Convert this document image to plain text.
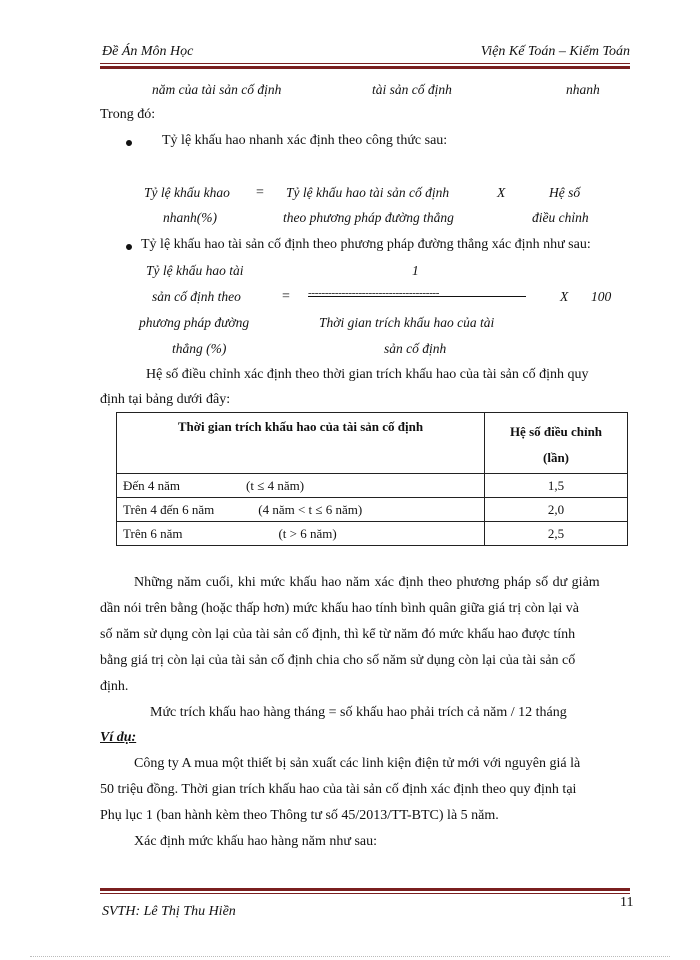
Đề Án Môn Học	Viện Kế Toán – Kiểm Toán
năm của tài sản cố định	tài sản cố định	nhanh
Trong đó:
Tỷ lệ khấu hao nhanh xác định theo công thức sau:
Tỷ lệ khấu khao
nhanh(%)
= Tỷ lệ khấu hao tài sản cố định
theo phương pháp đường thẳng
X	Hệ số
điều chỉnh
Tỷ lệ khấu hao tài sản cố định theo phương pháp đường thẳng xác định như sau:
Tỷ lệ khấu hao tài
sản cố định theo
phương pháp đường
thẳng (%)
=
1
---------------------------------------
Thời gian trích khấu hao của tài
sản cố định
X 100
Hệ số điều chỉnh xác định theo thời gian trích khấu hao của tài sản cố định quy
định tại bảng dưới đây:
Thời gian trích khấu hao của tài sản cố định	Hệ số điều chỉnh
(lần)

Đến 4 năm (t ≤ 4 năm)	1,5
Trên 4 đến 6 năm (4 năm < t ≤ 6 năm)	2,0
Trên 6 năm (t > 6 năm)	2,5
Những năm cuối, khi mức khấu hao năm xác định theo phương pháp số dư giảm
dần nói trên bằng (hoặc thấp hơn) mức khấu hao tính bình quân giữa giá trị còn lại và
số năm sử dụng còn lại của tài sản cố định, thì kể từ năm đó mức khấu hao được tính
bằng giá trị còn lại của tài sản cố định chia cho số năm sử dụng còn lại của tài sản cố
định.
Mức trích khấu hao hàng tháng = số khấu hao phải trích cả năm / 12 tháng
Ví dụ:
Công ty A mua một thiết bị sản xuất các linh kiện điện tử mới với nguyên giá là
50 triệu đồng. Thời gian trích khấu hao của tài sản cố định xác định theo quy định tại
Phụ lục 1 (ban hành kèm theo Thông tư số 45/2013/TT-BTC) là 5 năm.
Xác định mức khấu hao hàng năm như sau:
11
SVTH: Lê Thị Thu Hiền
